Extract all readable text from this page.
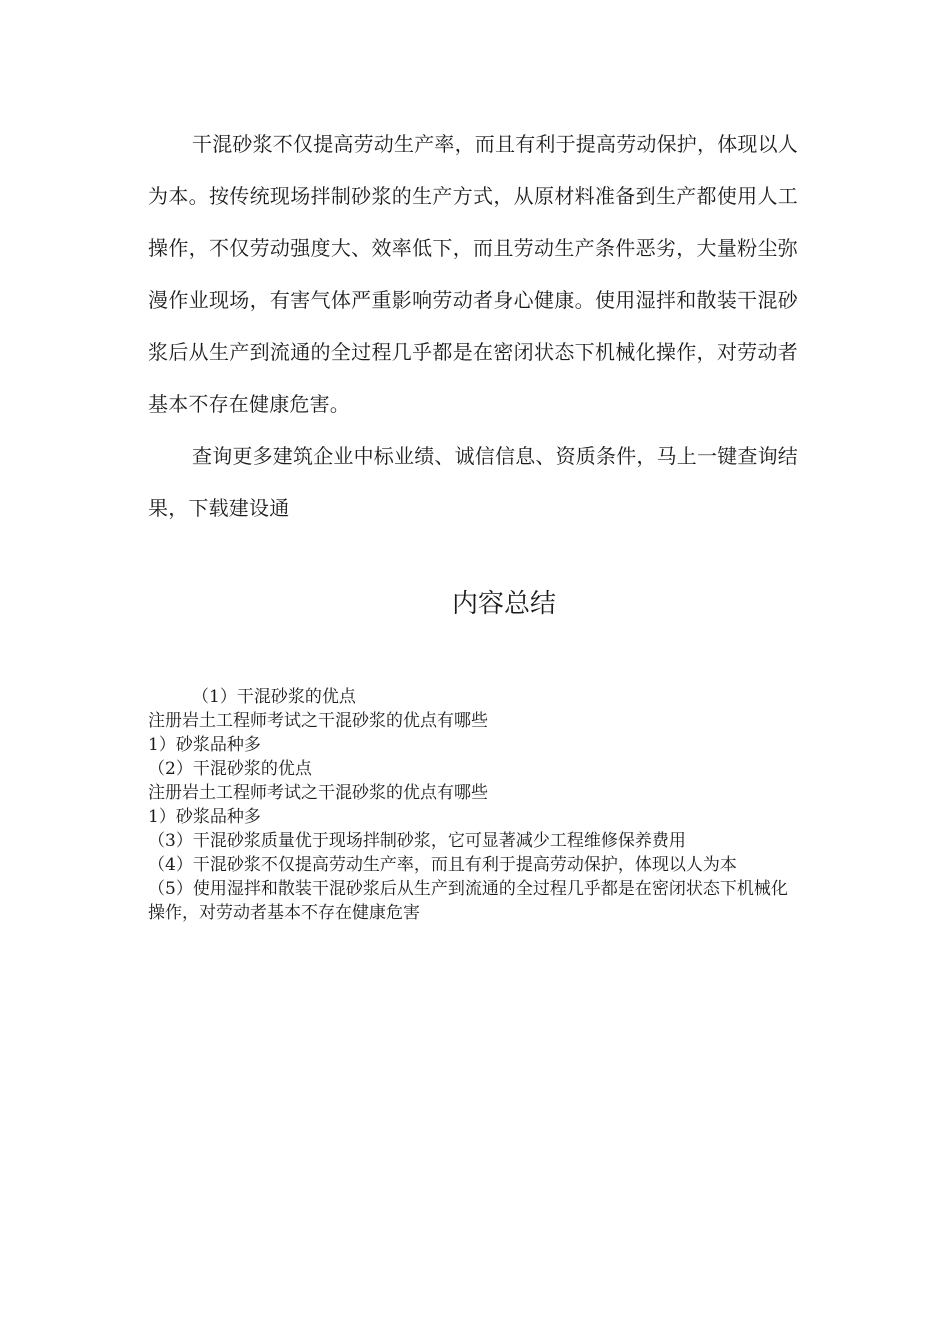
干混砂浆不仅提高劳动生产率，而且有利于提高劳动保护，体现以人为本。按传统现场拌制砂浆的生产方式，从原材料准备到生产都使用人工操作，不仅劳动强度大、效率低下，而且劳动生产条件恶劣，大量粉尘弥漫作业现场，有害气体严重影响劳动者身心健康。使用湿拌和散装干混砂浆后从生产到流通的全过程几乎都是在密闭状态下机械化操作，对劳动者基本不存在健康危害。

查询更多建筑企业中标业绩、诚信信息、资质条件，马上一键查询结果，下载建设通

内容总结
（1）干混砂浆的优点
注册岩土工程师考试之干混砂浆的优点有哪些
1）砂浆品种多
（2）干混砂浆的优点
注册岩土工程师考试之干混砂浆的优点有哪些
1）砂浆品种多
（3）干混砂浆质量优于现场拌制砂浆，它可显著减少工程维修保养费用
（4）干混砂浆不仅提高劳动生产率，而且有利于提高劳动保护，体现以人为本
（5）使用湿拌和散装干混砂浆后从生产到流通的全过程几乎都是在密闭状态下机械化操作，对劳动者基本不存在健康危害
